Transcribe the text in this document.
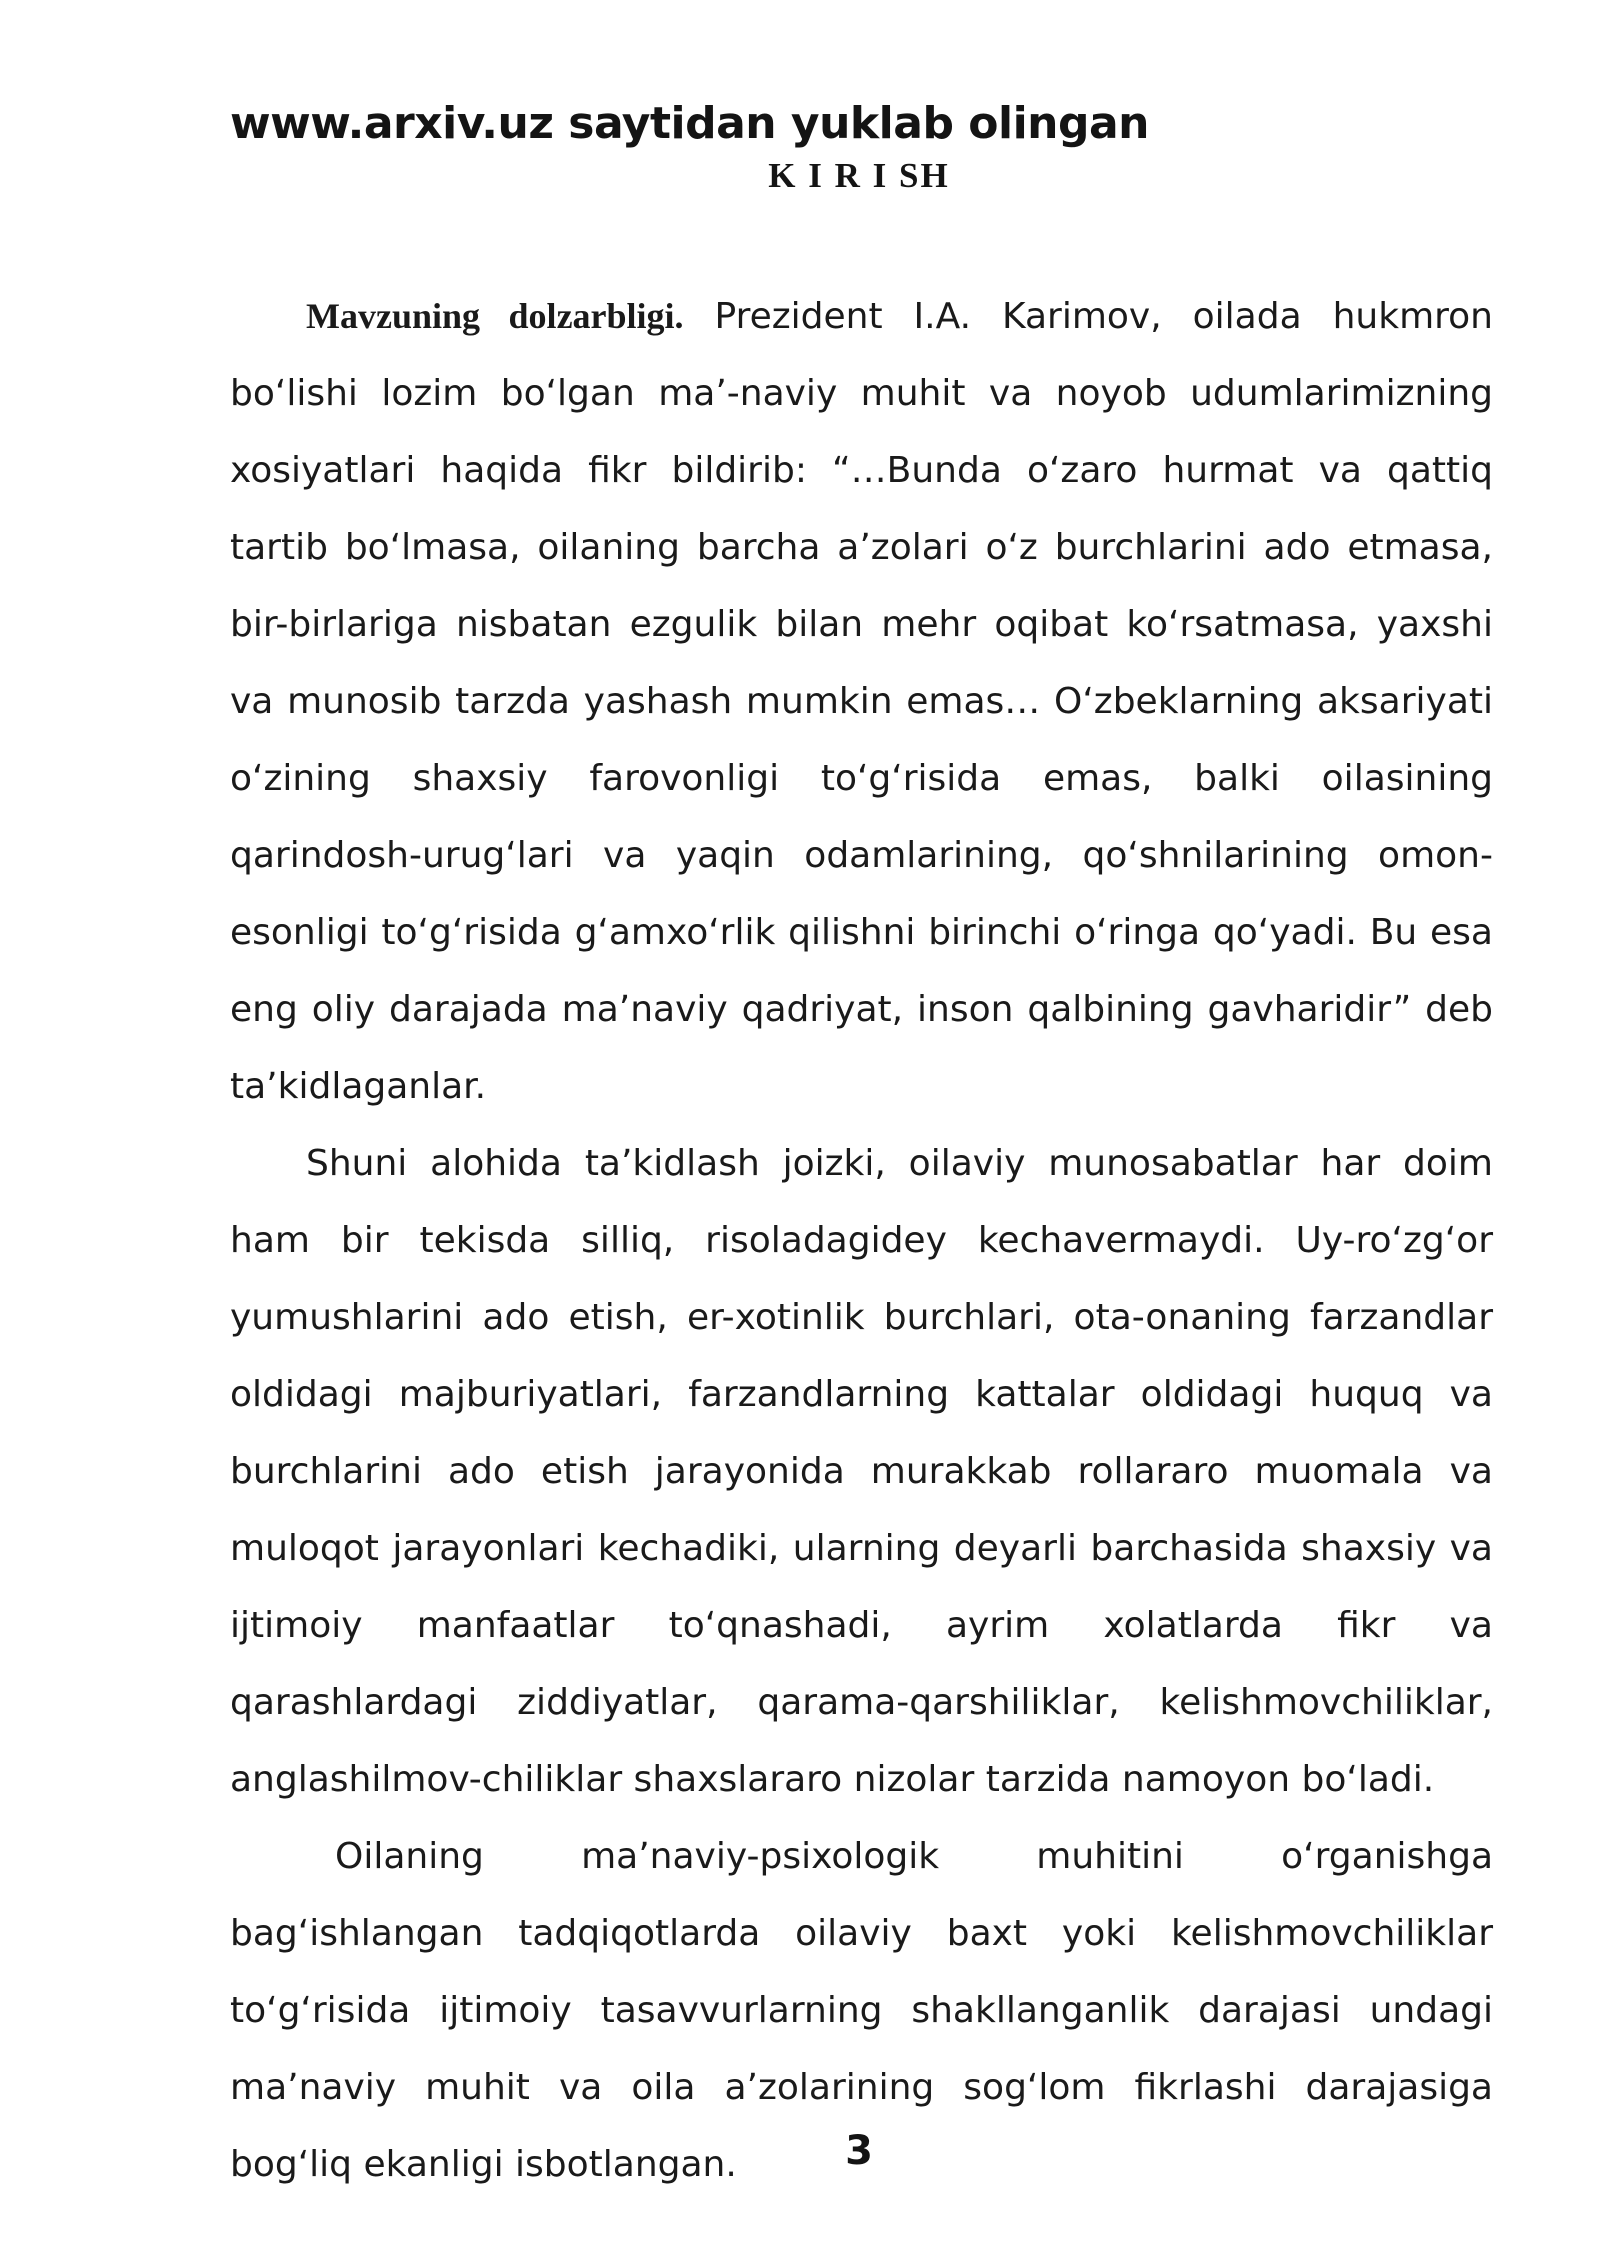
www.arxiv.uz saytidan yuklab olingan
K I R I SH

Mavzuning dolzarbligi. Prezident I.A. Karimov, oilada hukmron bo‘lishi lozim bo‘lgan ma’-naviy muhit va noyob udumlarimizning xosiyatlari haqida fikr bildirib: “…Bunda o‘zaro hurmat va qattiq tartib bo‘lmasa, oilaning barcha a’zolari o‘z burchlarini ado etmasa, bir-birlariga nisbatan ezgulik bilan mehr oqibat ko‘rsatmasa, yaxshi va munosib tarzda yashash mumkin emas… O‘zbeklarning aksariyati o‘zining shaxsiy farovonligi to‘g‘risida emas, balki oilasining qarindosh-urug‘lari va yaqin odamlarining, qo‘shnilarining omon-esonligi to‘g‘risida g‘amxo‘rlik qilishni birinchi o‘ringa qo‘yadi. Bu esa eng oliy darajada ma’naviy qadriyat, inson qalbining gavharidir” deb ta’kidlaganlar.

Shuni alohida ta’kidlash joizki, oilaviy munosabatlar har doim ham bir tekisda silliq, risoladagidey kechavermaydi. Uy-ro‘zg‘or yumushlarini ado etish, er-xotinlik burchlari, ota-onaning farzandlar oldidagi majburiyatlari, farzandlarning kattalar oldidagi huquq va burchlarini ado etish jarayonida murakkab rollararo muomala va muloqot jarayonlari kechadiki, ularning deyarli barchasida shaxsiy va ijtimoiy manfaatlar to‘qnashadi, ayrim xolatlarda fikr va qarashlardagi ziddiyatlar, qarama-qarshiliklar, kelishmovchiliklar, anglashilmov-chiliklar shaxslararo nizolar tarzida namoyon bo‘ladi.

Oilaning ma’naviy-psixologik muhitini o‘rganishga bag‘ishlangan tadqiqotlarda oilaviy baxt yoki kelishmovchiliklar to‘g‘risida ijtimoiy tasavvurlarning shakllanganlik darajasi undagi ma’naviy muhit va oila a’zolarining sog‘lom fikrlashi darajasiga bog‘liq ekanligi isbotlangan.	3
